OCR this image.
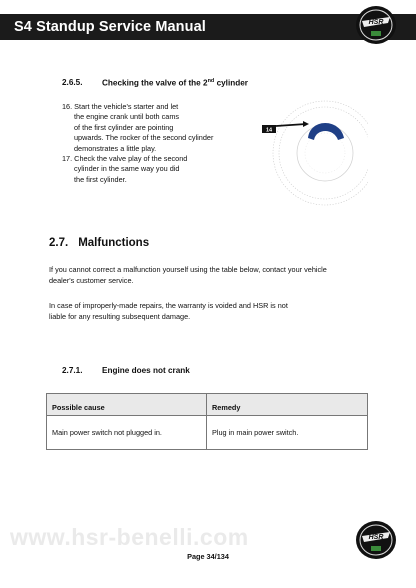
S4 Standup Service Manual	HSR
2.6.5. Checking the valve of the 2nd cylinder
16. Start the vehicle's starter and let
the engine crank until both cams
of the first cylinder are pointing
upwards. The rocker of the second cylinder
demonstrates a little play.
17. Check the valve play of the second
cylinder in the same way you did
the first cylinder.
14
2.7. Malfunctions
If you cannot correct a malfunction yourself using the table below, contact your vehicle
dealer's customer service.
In case of improperly-made repairs, the warranty is voided and HSR is not
liable for any resulting subsequent damage.
2.7.1. Engine does not crank
Possible cause	Remedy
Main power switch not plugged in.	Plug in main power switch.
www.hsr-benelli.com	HSR
Page 34/134
